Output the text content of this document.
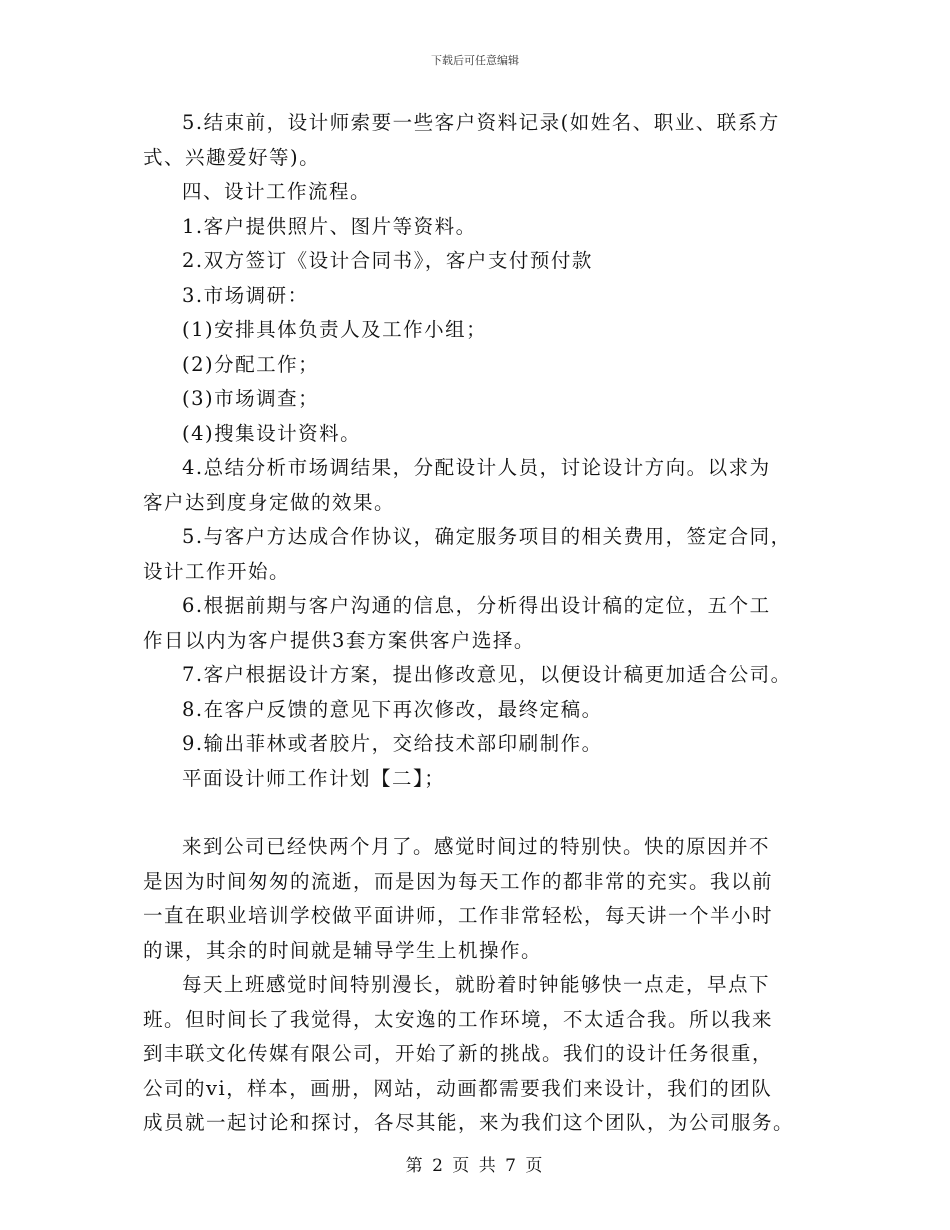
下载后可任意编辑
5.结束前，设计师索要一些客户资料记录(如姓名、职业、联系方
式、兴趣爱好等)。
四、设计工作流程。
1.客户提供照片、图片等资料。
2.双方签订《设计合同书》，客户支付预付款
3.市场调研：
(1)安排具体负责人及工作小组；
(2)分配工作；
(3)市场调查；
(4)搜集设计资料。
4.总结分析市场调结果，分配设计人员，讨论设计方向。以求为
客户达到度身定做的效果。
5.与客户方达成合作协议，确定服务项目的相关费用，签定合同，
设计工作开始。
6.根据前期与客户沟通的信息，分析得出设计稿的定位，五个工
作日以内为客户提供3套方案供客户选择。
7.客户根据设计方案，提出修改意见，以便设计稿更加适合公司。
8.在客户反馈的意见下再次修改，最终定稿。
9.输出菲林或者胶片，交给技术部印刷制作。
平面设计师工作计划【二】；
来到公司已经快两个月了。感觉时间过的特别快。快的原因并不
是因为时间匆匆的流逝，而是因为每天工作的都非常的充实。我以前
一直在职业培训学校做平面讲师，工作非常轻松，每天讲一个半小时
的课，其余的时间就是辅导学生上机操作。
每天上班感觉时间特别漫长，就盼着时钟能够快一点走，早点下
班。但时间长了我觉得，太安逸的工作环境，不太适合我。所以我来
到丰联文化传媒有限公司，开始了新的挑战。我们的设计任务很重，
公司的vi，样本，画册，网站，动画都需要我们来设计，我们的团队
成员就一起讨论和探讨，各尽其能，来为我们这个团队，为公司服务。
第 2 页 共 7 页
